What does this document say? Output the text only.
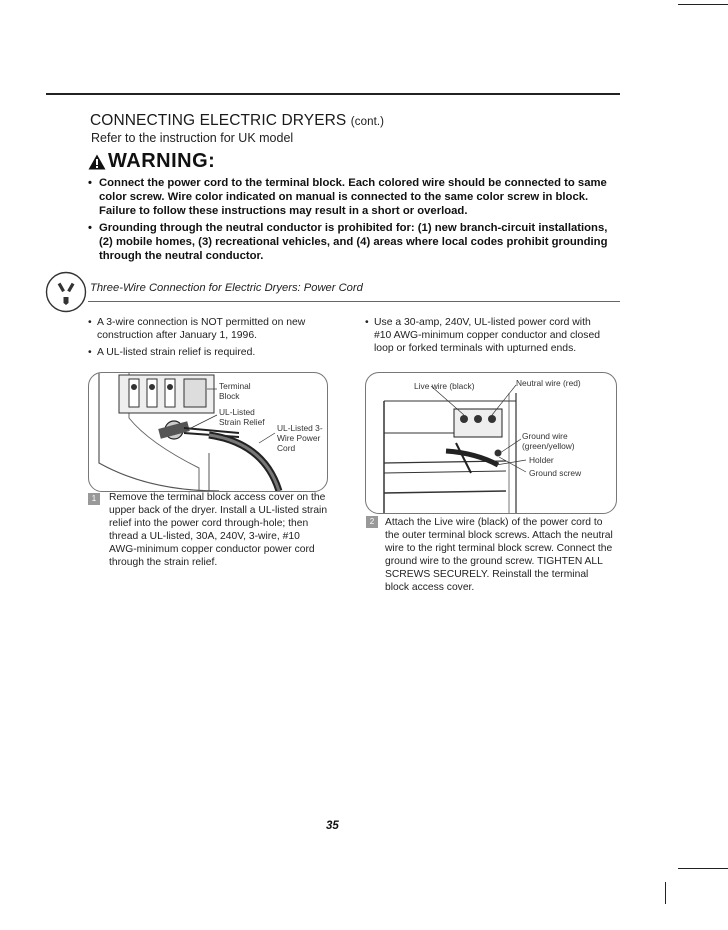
CONNECTING ELECTRIC DRYERS (cont.)
Refer to the instruction for UK model
WARNING:
• Connect the power cord to the terminal block. Each colored wire should be connected to same color screw. Wire color indicated on manual is connected to the same color screw in block. Failure to follow these instructions may result in a short or overload.
• Grounding through the neutral conductor is prohibited for: (1) new branch-circuit installations, (2) mobile homes, (3) recreational vehicles, and (4) areas where local codes prohibit grounding through the neutral conductor.
Three-Wire Connection for Electric Dryers: Power Cord
• A 3-wire connection is NOT permitted on new construction after January 1, 1996.
• A UL-listed strain relief is required.
• Use a 30-amp, 240V, UL-listed power cord with #10 AWG-minimum copper conductor and closed loop or forked terminals with upturned ends.
Terminal Block
UL-Listed Strain Relief
UL-Listed 3-Wire Power Cord
1	Remove the terminal block access cover on the upper back of the dryer. Install a UL-listed strain relief into the power cord through-hole; then thread a UL-listed, 30A, 240V, 3-wire, #10 AWG-minimum copper conductor power cord through the strain relief.
Live wire (black)	Neutral wire (red)
Ground wire (green/yellow)
Holder
Ground screw
2	Attach the Live wire (black) of the power cord to the outer terminal block screws. Attach the neutral wire to the right terminal block screw. Connect the ground wire to the ground screw. TIGHTEN ALL SCREWS SECURELY. Reinstall the terminal block access cover.
35
